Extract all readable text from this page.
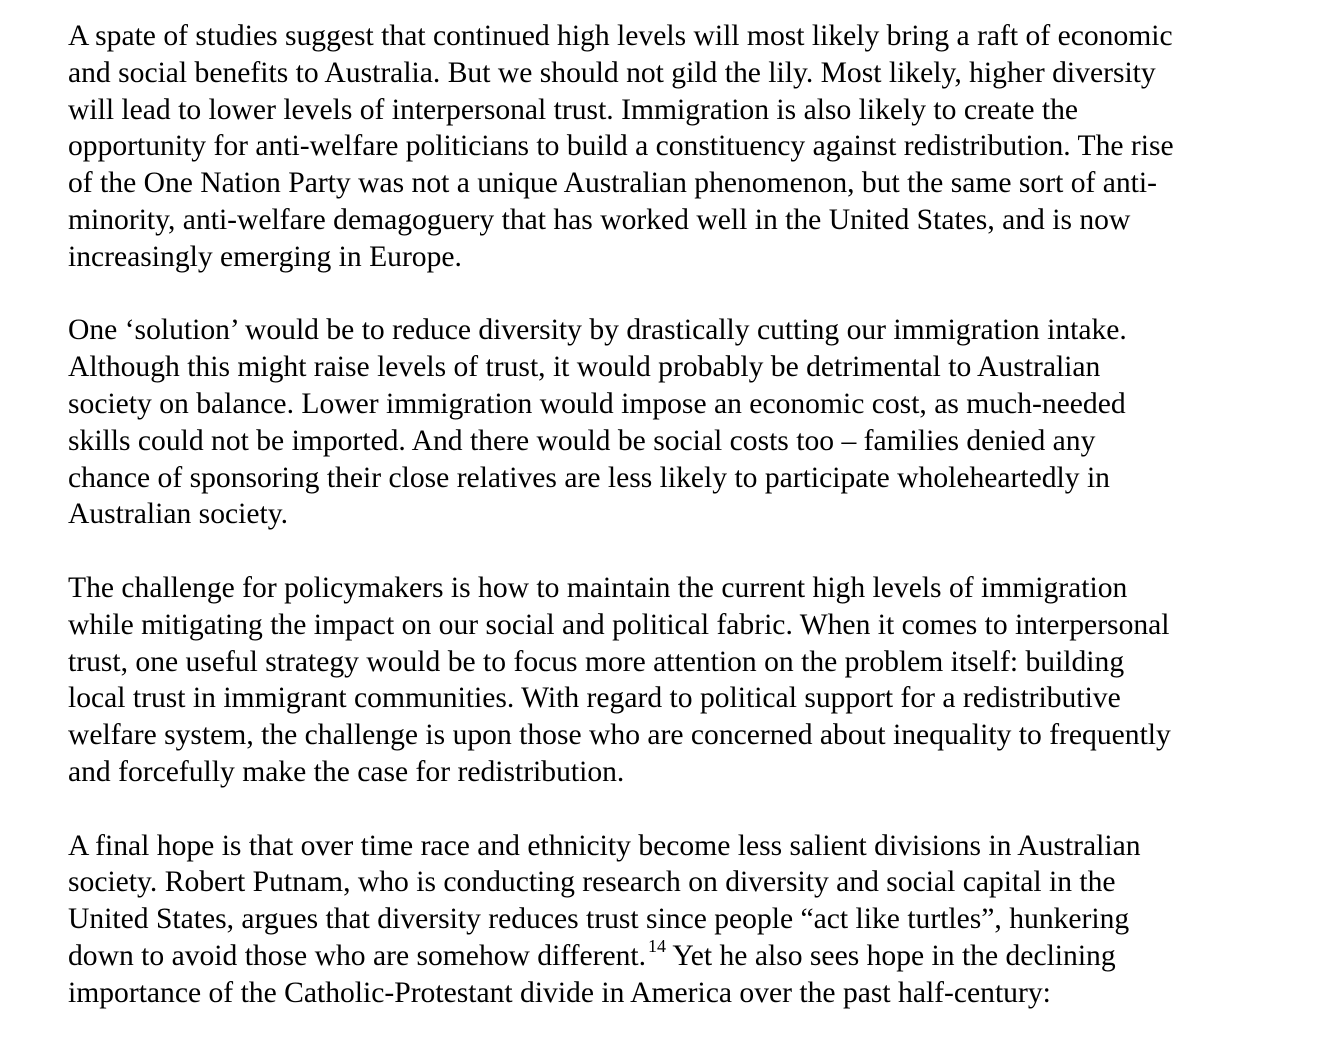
A spate of studies suggest that continued high levels will most likely bring a raft of economic
and social benefits to Australia. But we should not gild the lily. Most likely, higher diversity
will lead to lower levels of interpersonal trust. Immigration is also likely to create the
opportunity for anti-welfare politicians to build a constituency against redistribution. The rise
of the One Nation Party was not a unique Australian phenomenon, but the same sort of anti-
minority, anti-welfare demagoguery that has worked well in the United States, and is now
increasingly emerging in Europe.

One ‘solution’ would be to reduce diversity by drastically cutting our immigration intake.
Although this might raise levels of trust, it would probably be detrimental to Australian
society on balance. Lower immigration would impose an economic cost, as much-needed
skills could not be imported. And there would be social costs too – families denied any
chance of sponsoring their close relatives are less likely to participate wholeheartedly in
Australian society.

The challenge for policymakers is how to maintain the current high levels of immigration
while mitigating the impact on our social and political fabric. When it comes to interpersonal
trust, one useful strategy would be to focus more attention on the problem itself: building
local trust in immigrant communities. With regard to political support for a redistributive
welfare system, the challenge is upon those who are concerned about inequality to frequently
and forcefully make the case for redistribution.

A final hope is that over time race and ethnicity become less salient divisions in Australian
society. Robert Putnam, who is conducting research on diversity and social capital in the
United States, argues that diversity reduces trust since people “act like turtles”, hunkering
down to avoid those who are somehow different. $^{14}$ Yet he also sees hope in the declining
importance of the Catholic-Protestant divide in America over the past half-century:
